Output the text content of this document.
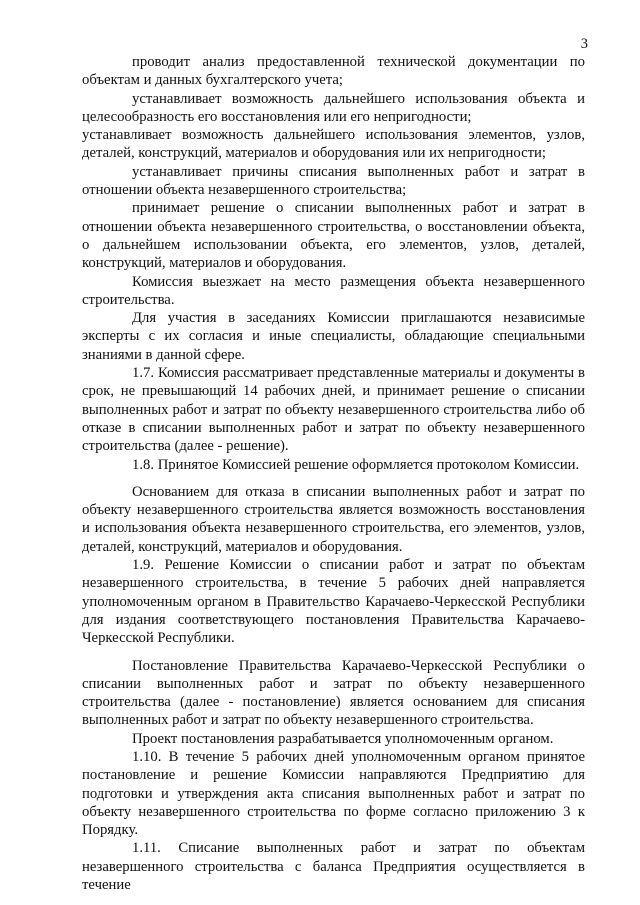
3

проводит анализ предоставленной технической документации по объектам и данных бухгалтерского учета;

устанавливает возможность дальнейшего использования объекта и целесообразность его восстановления или его непригодности;

устанавливает возможность дальнейшего использования элементов, узлов, деталей, конструкций, материалов и оборудования или их непригодности;

устанавливает причины списания выполненных работ и затрат в отношении объекта незавершенного строительства;

принимает решение о списании выполненных работ и затрат в отношении объекта незавершенного строительства, о восстановлении объекта, о дальнейшем использовании объекта, его элементов, узлов, деталей, конструкций, материалов и оборудования.

Комиссия выезжает на место размещения объекта незавершенного строительства.

Для участия в заседаниях Комиссии приглашаются независимые эксперты с их согласия и иные специалисты, обладающие специальными знаниями в данной сфере.

1.7. Комиссия рассматривает представленные материалы и документы в срок, не превышающий 14 рабочих дней, и принимает решение о списании выполненных работ и затрат по объекту незавершенного строительства либо об отказе в списании выполненных работ и затрат по объекту незавершенного строительства (далее - решение).

1.8. Принятое Комиссией решение оформляется протоколом Комиссии.

Основанием для отказа в списании выполненных работ и затрат по объекту незавершенного строительства является возможность восстановления и использования объекта незавершенного строительства, его элементов, узлов, деталей, конструкций, материалов и оборудования.

1.9. Решение Комиссии о списании работ и затрат по объектам незавершенного строительства, в течение 5 рабочих дней направляется уполномоченным органом в Правительство Карачаево-Черкесской Республики для издания соответствующего постановления Правительства Карачаево-Черкесской Республики.

Постановление Правительства Карачаево-Черкесской Республики о списании выполненных работ и затрат по объекту незавершенного строительства (далее - постановление) является основанием для списания выполненных работ и затрат по объекту незавершенного строительства.

Проект постановления разрабатывается уполномоченным органом.

1.10. В течение 5 рабочих дней уполномоченным органом принятое постановление и решение Комиссии направляются Предприятию для подготовки и утверждения акта списания выполненных работ и затрат по объекту незавершенного строительства по форме согласно приложению 3 к Порядку.

1.11. Списание выполненных работ и затрат по объектам незавершенного строительства с баланса Предприятия осуществляется в течение
